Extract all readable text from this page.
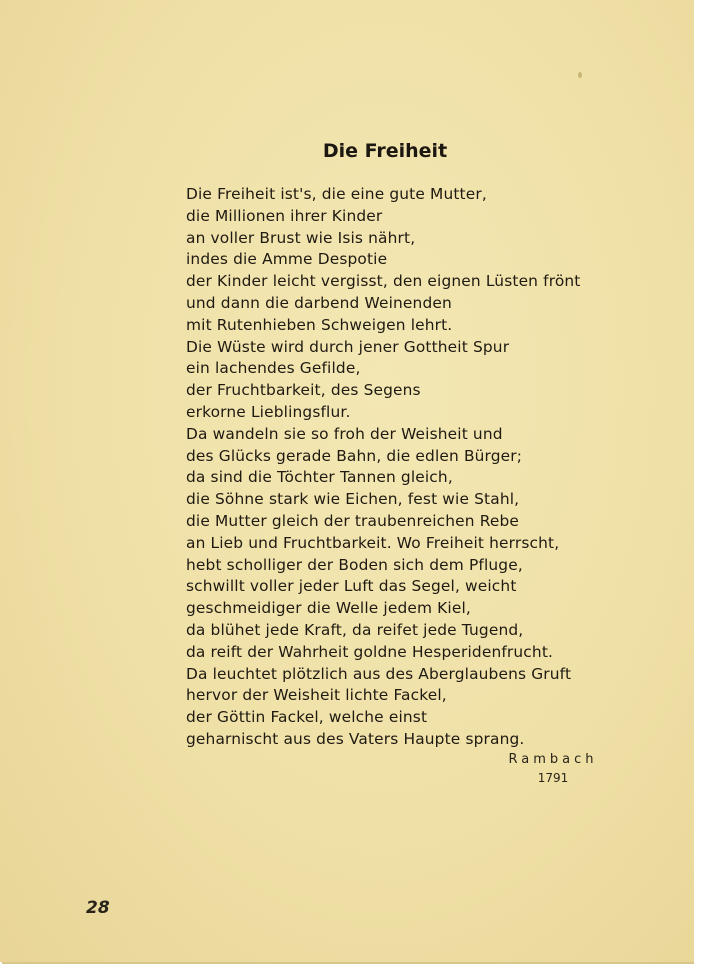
Die Freiheit
Die Freiheit ist's, die eine gute Mutter,
die Millionen ihrer Kinder
an voller Brust wie Isis nährt,
indes die Amme Despotie
der Kinder leicht vergisst, den eignen Lüsten frönt
und dann die darbend Weinenden
mit Rutenhieben Schweigen lehrt.
Die Wüste wird durch jener Gottheit Spur
ein lachendes Gefilde,
der Fruchtbarkeit, des Segens
erkorne Lieblingsflur.
Da wandeln sie so froh der Weisheit und
des Glücks gerade Bahn, die edlen Bürger;
da sind die Töchter Tannen gleich,
die Söhne stark wie Eichen, fest wie Stahl,
die Mutter gleich der traubenreichen Rebe
an Lieb und Fruchtbarkeit. Wo Freiheit herrscht,
hebt scholliger der Boden sich dem Pfluge,
schwillt voller jeder Luft das Segel, weicht
geschmeidiger die Welle jedem Kiel,
da blühet jede Kraft, da reifet jede Tugend,
da reift der Wahrheit goldne Hesperidenfrucht.
Da leuchtet plötzlich aus des Aberglaubens Gruft
hervor der Weisheit lichte Fackel,
der Göttin Fackel, welche einst
geharnischt aus des Vaters Haupte sprang.
Rambach
1791
28
